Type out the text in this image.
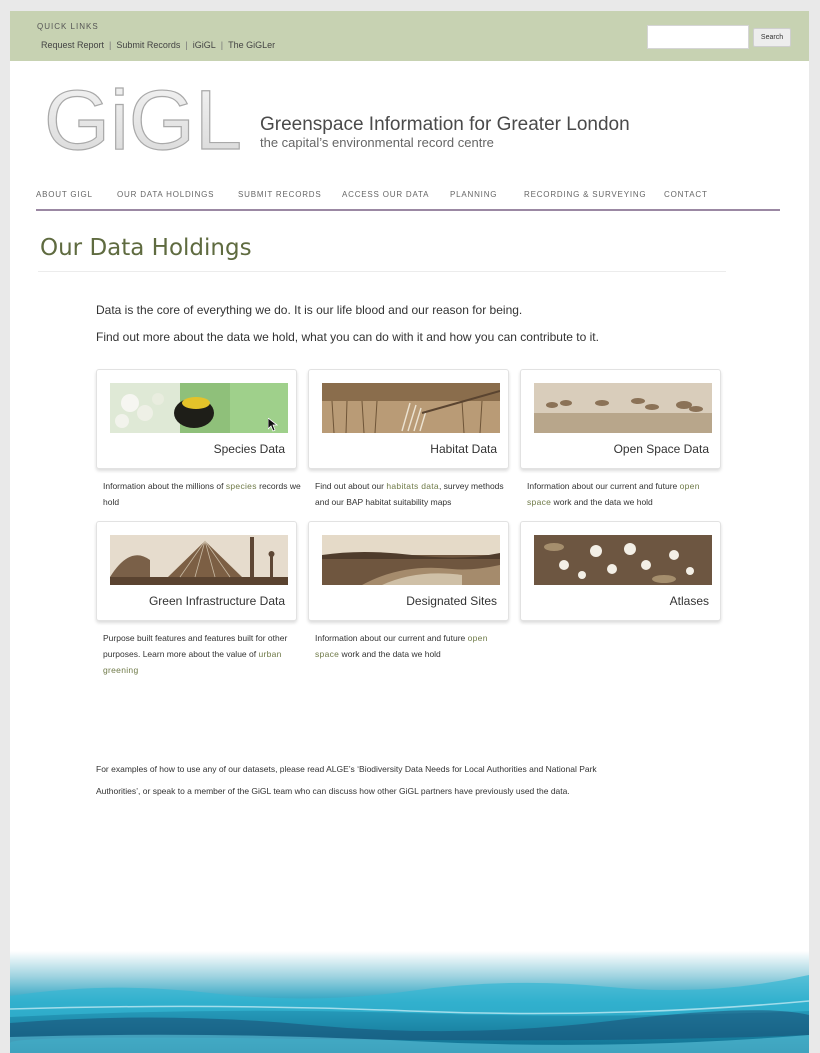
QUICK LINKS
Request Report | Submit Records | iGiGL | The GiGLer
Search
GiGL Greenspace Information for Greater London
the capital’s environmental record centre
ABOUT GIGL	OUR DATA HOLDINGS	SUBMIT RECORDS	ACCESS OUR DATA	PLANNING	RECORDING & SURVEYING CONTACT
Our Data Holdings
Data is the core of everything we do. It is our life blood and our reason for being.
Find out more about the data we hold, what you can do with it and how you can contribute to it.
Species Data	Habitat Data	Open Space Data
Information about the millions of species records we hold
Find out about our habitats data, survey methods and our BAP habitat suitability maps
Information about our current and future open space work and the data we hold
Green Infrastructure Data	Designated Sites	Atlases
Purpose built features and features built for other purposes. Learn more about the value of urban greening
Information about our current and future open space work and the data we hold
For examples of how to use any of our datasets, please read ALGE’s ‘Biodiversity Data Needs for Local Authorities and National Park Authorities’, or speak to a member of the GiGL team who can discuss how other GiGL partners have previously used the data.
